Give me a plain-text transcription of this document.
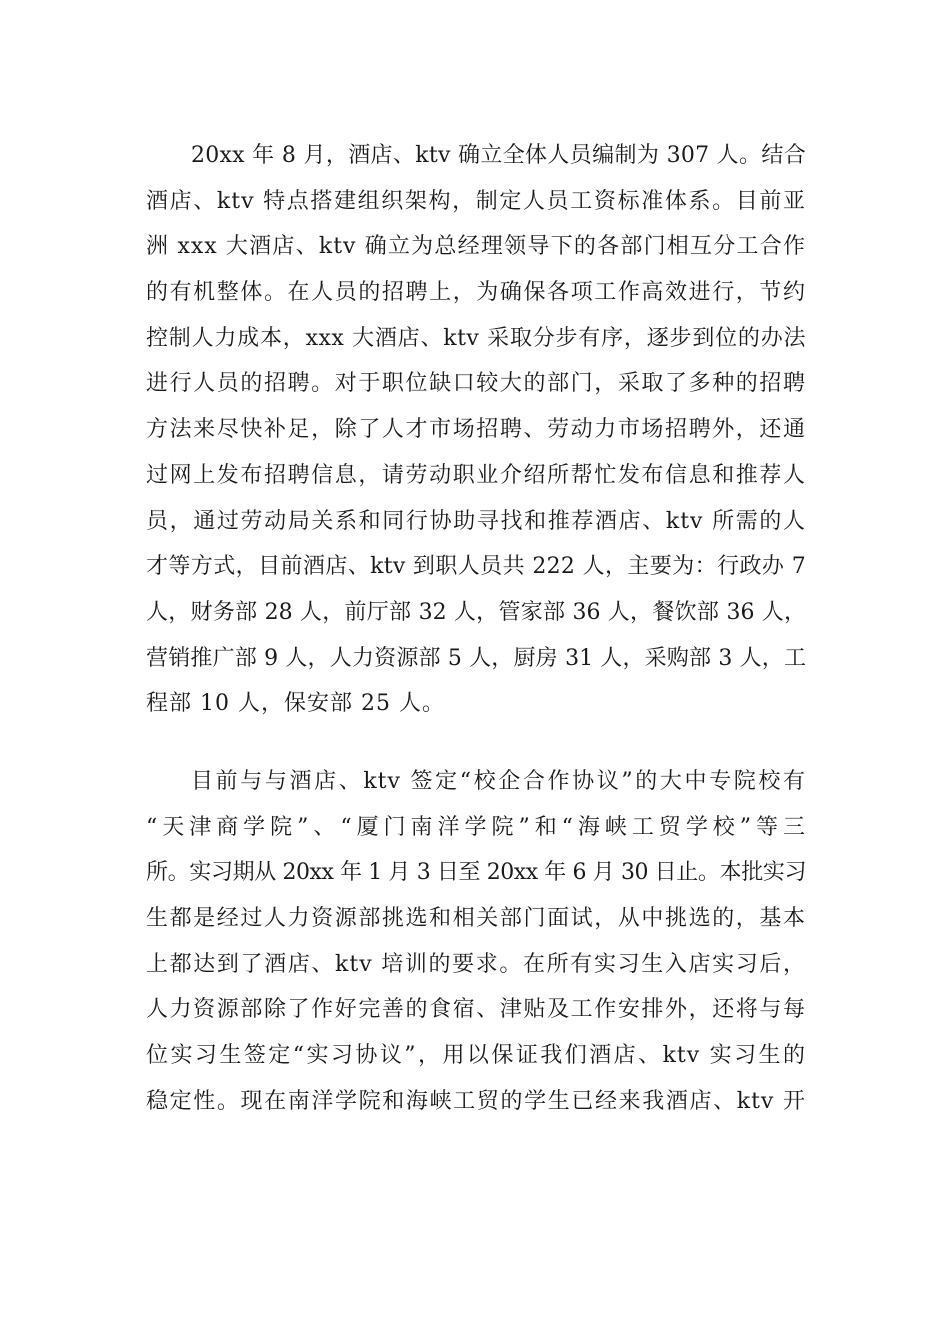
20xx 年 8 月，酒店、ktv 确立全体人员编制为 307 人。结合
酒店、ktv 特点搭建组织架构，制定人员工资标准体系。目前亚
洲 xxx 大酒店、ktv 确立为总经理领导下的各部门相互分工合作
的有机整体。在人员的招聘上，为确保各项工作高效进行，节约
控制人力成本，xxx 大酒店、ktv 采取分步有序，逐步到位的办法
进行人员的招聘。对于职位缺口较大的部门，采取了多种的招聘
方法来尽快补足，除了人才市场招聘、劳动力市场招聘外，还通
过网上发布招聘信息，请劳动职业介绍所帮忙发布信息和推荐人
员，通过劳动局关系和同行协助寻找和推荐酒店、ktv 所需的人
才等方式，目前酒店、ktv 到职人员共 222 人，主要为：行政办 7
人，财务部 28 人，前厅部 32 人，管家部 36 人，餐饮部 36 人，
营销推广部 9 人，人力资源部 5 人，厨房 31 人，采购部 3 人，工
程部 10 人，保安部 25 人。
目前与与酒店、ktv 签定“校企合作协议”的大中专院校有
“天津商学院”、“厦门南洋学院”和“海峡工贸学校”等三
所。实习期从 20xx 年 1 月 3 日至 20xx 年 6 月 30 日止。本批实习
生都是经过人力资源部挑选和相关部门面试，从中挑选的，基本
上都达到了酒店、ktv 培训的要求。在所有实习生入店实习后，
人力资源部除了作好完善的食宿、津贴及工作安排外，还将与每
位实习生签定“实习协议”，用以保证我们酒店、ktv 实习生的
稳定性。现在南洋学院和海峡工贸的学生已经来我酒店、ktv 开
